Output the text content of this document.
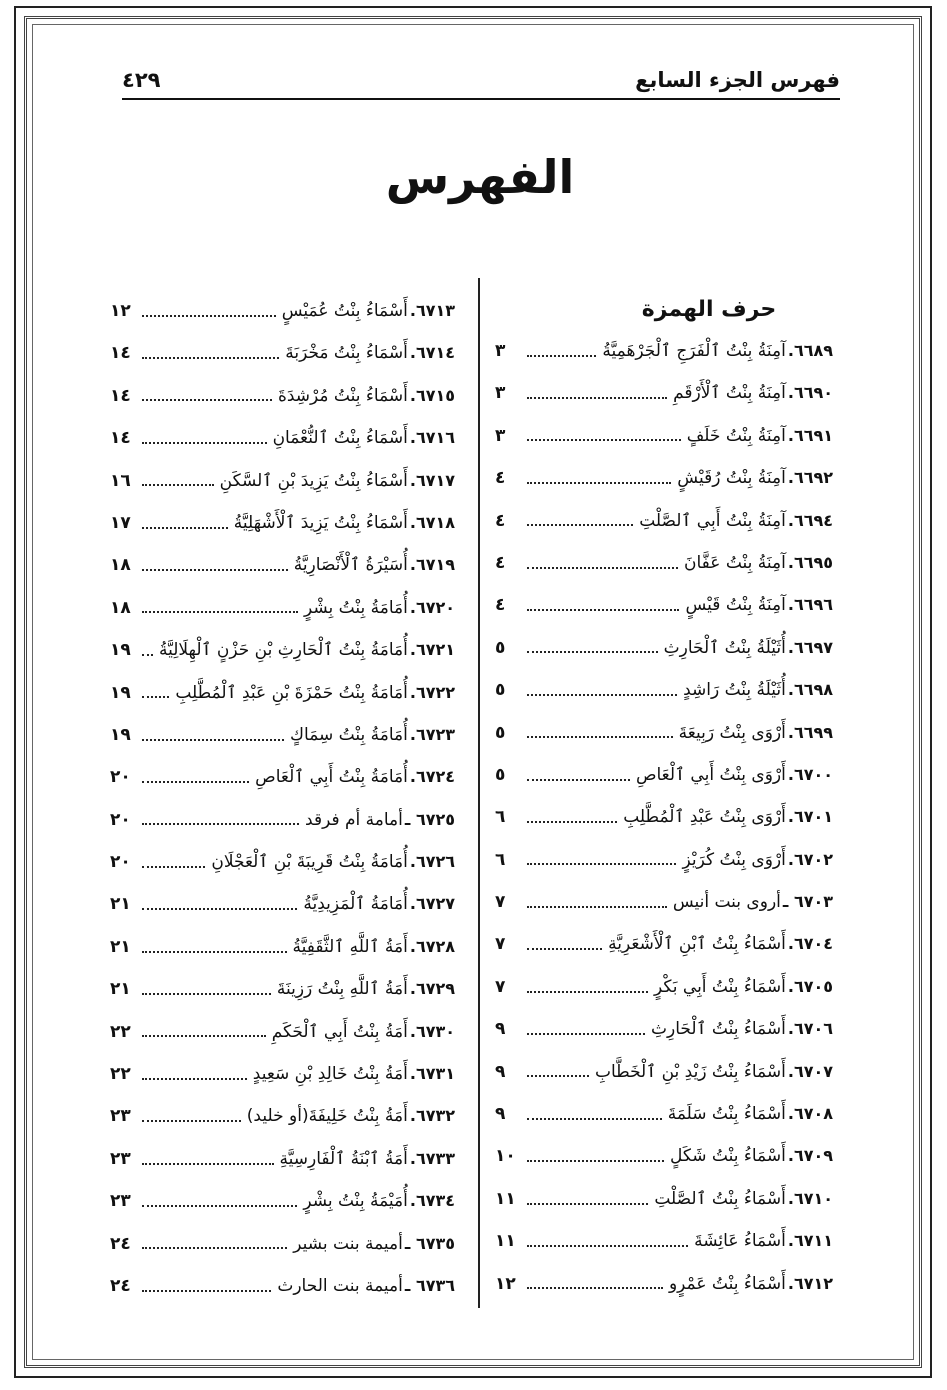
فهرس الجزء السابع
٤٢٩
الفهرس
حرف الهمزة
٦٦٨٩.
آمِنَةُ بِنْتُ ٱلْفَرَجِ ٱلْجَرْهَمِيَّةُ
٣
٦٦٩٠.
آمِنَةُ بِنْتُ ٱلْأَرْقَمِ
٣
٦٦٩١.
آمِنَةُ بِنْتُ خَلَفٍ
٣
٦٦٩٢.
آمِنَةُ بِنْتُ رُقَيْشٍ
٤
٦٦٩٤.
آمِنَةُ بِنْتُ أَبِي ٱلصَّلْتِ
٤
٦٦٩٥.
آمِنَةُ بِنْتُ عَفَّانَ
٤
٦٦٩٦.
آمِنَةُ بِنْتُ قَيْسٍ
٤
٦٦٩٧.
أُثَيْلَةُ بِنْتُ ٱلْحَارِثِ
٥
٦٦٩٨.
أُثَيْلَةُ بِنْتُ رَاشِدٍ
٥
٦٦٩٩.
أَرْوَى بِنْتُ رَبِيعَةَ
٥
٦٧٠٠.
أَرْوَى بِنْتُ أَبِي ٱلْعَاصِ
٥
٦٧٠١.
أَرْوَى بِنْتُ عَبْدِ ٱلْمُطَّلِبِ
٦
٦٧٠٢.
أَرْوَى بِنْتُ كُرَيْزٍ
٦
٦٧٠٣ ـ
أروى بنت أنيس
٧
٦٧٠٤.
أَسْمَاءُ بِنْتُ ٱبْنِ ٱلْأَشْعَرِيَّةِ
٧
٦٧٠٥.
أَسْمَاءُ بِنْتُ أَبِي بَكْرٍ
٧
٦٧٠٦.
أَسْمَاءُ بِنْتُ ٱلْحَارِثِ
٩
٦٧٠٧.
أَسْمَاءُ بِنْتُ زَيْدِ بْنِ ٱلْخَطَّابِ
٩
٦٧٠٨.
أَسْمَاءُ بِنْتُ سَلَمَةَ
٩
٦٧٠٩.
أَسْمَاءُ بِنْتُ شَكَلٍ
١٠
٦٧١٠.
أَسْمَاءُ بِنْتُ ٱلصَّلْتِ
١١
٦٧١١.
أَسْمَاءُ عَائِشَةَ
١١
٦٧١٢.
أَسْمَاءُ بِنْتُ عَمْرٍو
١٢
٦٧١٣.
أَسْمَاءُ بِنْتُ عُمَيْسٍ
١٢
٦٧١٤.
أَسْمَاءُ بِنْتُ مَخْرَبَةَ
١٤
٦٧١٥.
أَسْمَاءُ بِنْتُ مُرْشِدَةَ
١٤
٦٧١٦.
أَسْمَاءُ بِنْتُ ٱلنُّعْمَانِ
١٤
٦٧١٧.
أَسْمَاءُ بِنْتُ يَزِيدَ بْنِ ٱلسَّكَنِ
١٦
٦٧١٨.
أَسْمَاءُ بِنْتُ يَزِيدَ ٱلْأَشْهَلِيَّةُ
١٧
٦٧١٩.
أُسَيْرَةُ ٱلْأَنْصَارِيَّةُ
١٨
٦٧٢٠.
أُمَامَةُ بِنْتُ بِشْرٍ
١٨
٦٧٢١.
أُمَامَةُ بِنْتُ ٱلْحَارِثِ بْنِ حَزْنٍ ٱلْهِلَالِيَّةُ
١٩
٦٧٢٢.
أُمَامَةُ بِنْتُ حَمْزَةَ بْنِ عَبْدِ ٱلْمُطَّلِبِ
١٩
٦٧٢٣.
أُمَامَةُ بِنْتُ سِمَاكٍ
١٩
٦٧٢٤.
أُمَامَةُ بِنْتُ أَبِي ٱلْعَاصِ
٢٠
٦٧٢٥ ـ
أمامة أم فرقد
٢٠
٦٧٢٦.
أُمَامَةُ بِنْتُ قَرِيبَةَ بْنِ ٱلْعَجْلَانِ
٢٠
٦٧٢٧.
أُمَامَةُ ٱلْمَزِيدِيَّةُ
٢١
٦٧٢٨.
أَمَةُ ٱللَّهِ ٱلثَّقَفِيَّةُ
٢١
٦٧٢٩.
أَمَةُ ٱللَّهِ بِنْتُ رَزِينَةَ
٢١
٦٧٣٠.
أَمَةُ بِنْتُ أَبِي ٱلْحَكَمِ
٢٢
٦٧٣١.
أَمَةُ بِنْتُ خَالِدِ بْنِ سَعِيدٍ
٢٢
٦٧٣٢.
أَمَةُ بِنْتُ خَلِيفَةَ(أو خليد)
٢٣
٦٧٣٣.
أَمَةُ ٱبْنَةُ ٱلْفَارِسِيَّةِ
٢٣
٦٧٣٤.
أُمَيْمَةُ بِنْتُ بِشْرٍ
٢٣
٦٧٣٥ ـ
أميمة بنت بشير
٢٤
٦٧٣٦ ـ
أميمة بنت الحارث
٢٤
